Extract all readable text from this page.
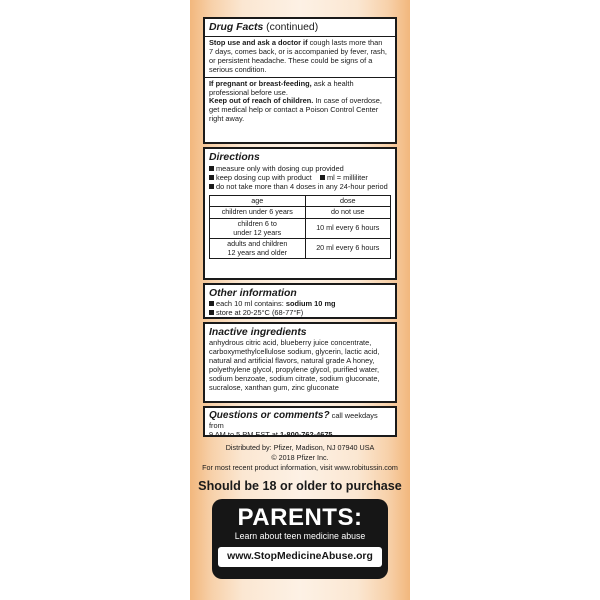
Drug Facts (continued)
Stop use and ask a doctor if cough lasts more than
7 days, comes back, or is accompanied by fever, rash,
or persistent headache. These could be signs of a
serious condition.
If pregnant or breast-feeding, ask a health
professional before use.
Keep out of reach of children. In case of overdose,
get medical help or contact a Poison Control Center
right away.
Directions
measure only with dosing cup provided
keep dosing cup with product ml = milliliter
do not take more than 4 doses in any 24-hour period
age	dose
children under 6 years	do not use
children 6 to
under 12 years	10 ml every 6 hours
adults and children
12 years and older	20 ml every 6 hours
Other information
each 10 ml contains: sodium 10 mg
store at 20-25°C (68-77°F)
Inactive ingredients
anhydrous citric acid, blueberry juice concentrate,
carboxymethylcellulose sodium, glycerin, lactic acid,
natural and artificial flavors, natural grade A honey,
polyethylene glycol, propylene glycol, purified water,
sodium benzoate, sodium citrate, sodium gluconate,
sucralose, xanthan gum, zinc gluconate
Questions or comments? call weekdays from
9 AM to 5 PM EST at 1-800-762-4675
Distributed by: Pfizer, Madison, NJ 07940 USA
© 2018 Pfizer Inc.
For most recent product information, visit www.robitussin.com
Should be 18 or older to purchase
PARENTS:
Learn about teen medicine abuse
www.StopMedicineAbuse.org
